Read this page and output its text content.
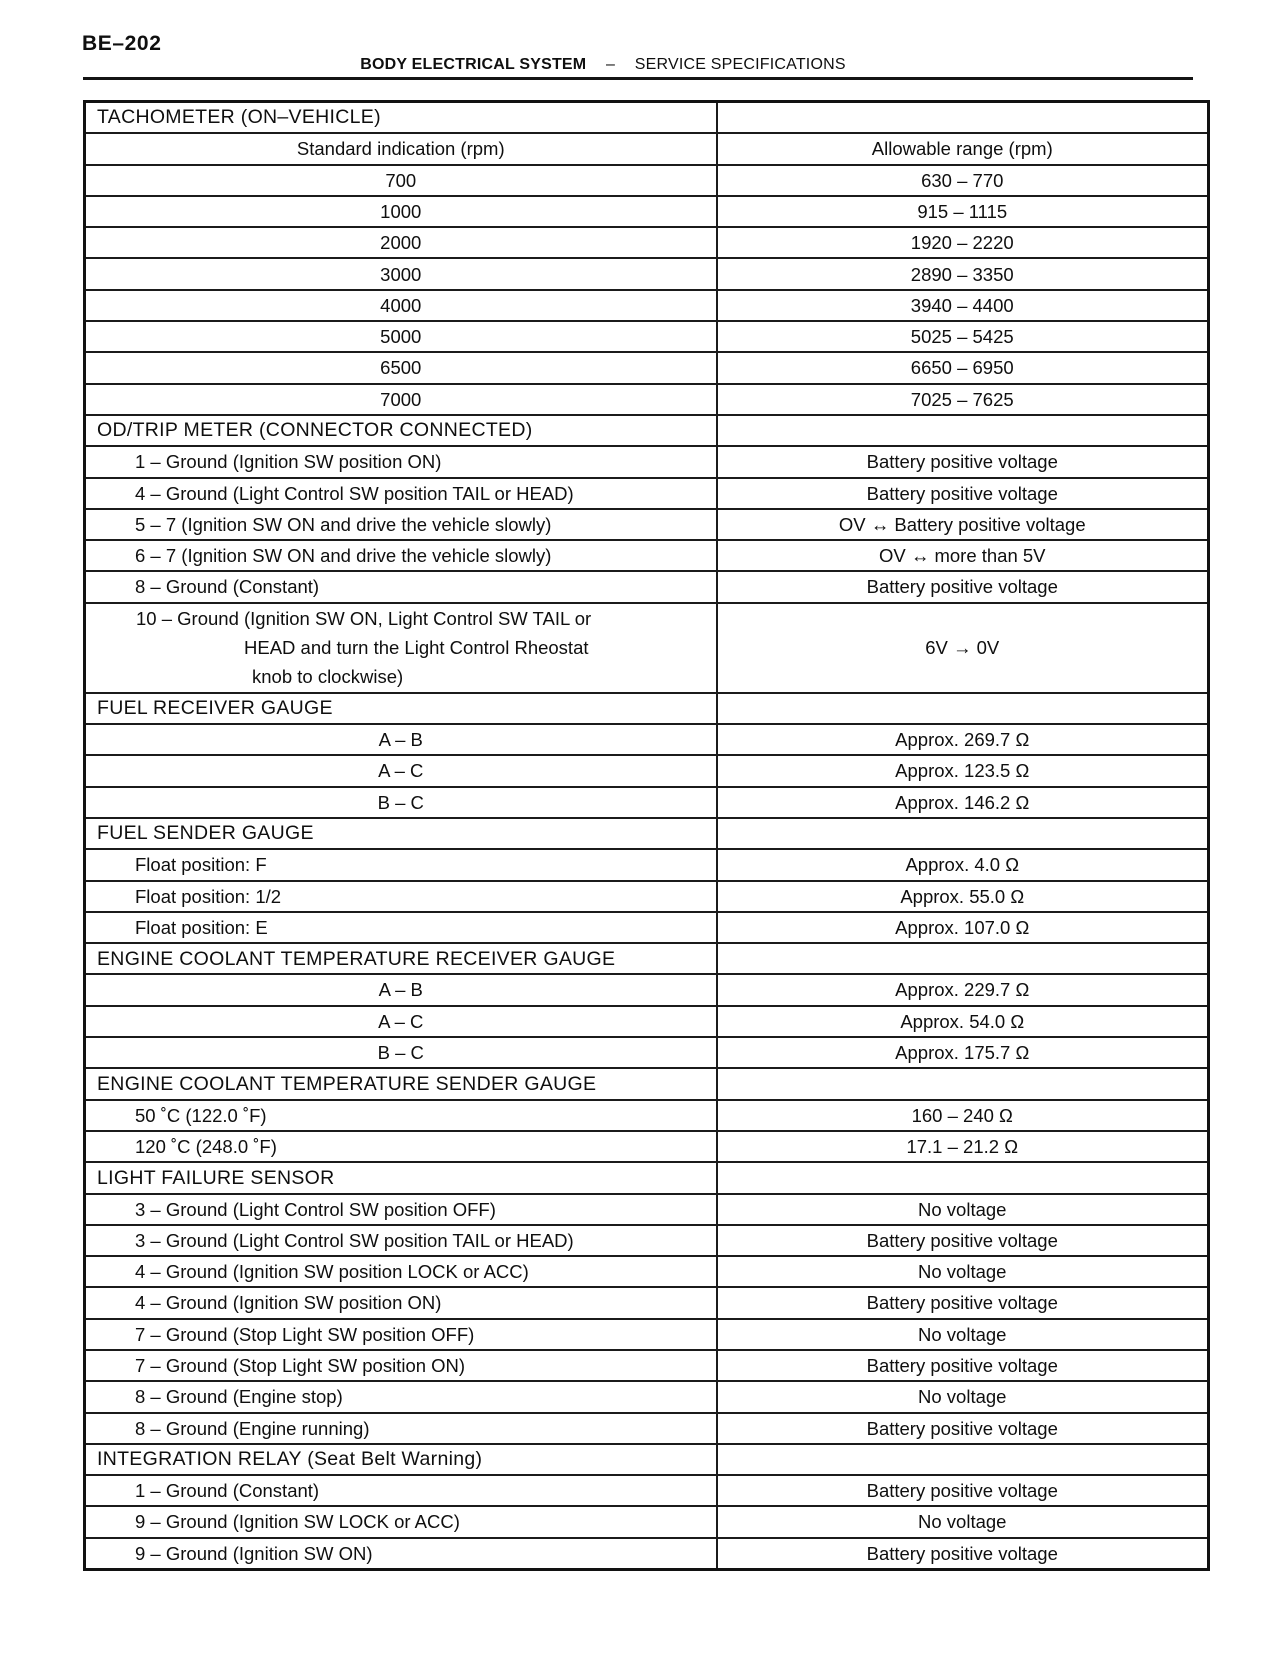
BE–202
BODY ELECTRICAL SYSTEM – SERVICE SPECIFICATIONS
TACHOMETER (ON–VEHICLE)	
Standard indication (rpm)	Allowable range (rpm)
700	630 – 770
1000	915 – 1115
2000	1920 – 2220
3000	2890 – 3350
4000	3940 – 4400
5000	5025 – 5425
6500	6650 – 6950
7000	7025 – 7625
OD/TRIP METER (CONNECTOR CONNECTED)	
1 – Ground (Ignition SW position ON)	Battery positive voltage
4 – Ground (Light Control SW position TAIL or HEAD)	Battery positive voltage
5 – 7 (Ignition SW ON and drive the vehicle slowly)	OV ↔ Battery positive voltage
6 – 7 (Ignition SW ON and drive the vehicle slowly)	OV ↔ more than 5V
8 – Ground (Constant)	Battery positive voltage

10 – Ground (Ignition SW ON, Light Control SW TAIL or
HEAD and turn the Light Control Rheostat
knob to clockwise)	6V → 0V
FUEL RECEIVER GAUGE	
A – B	Approx. 269.7 Ω
A – C	Approx. 123.5 Ω
B – C	Approx. 146.2 Ω
FUEL SENDER GAUGE	
Float position: F	Approx. 4.0 Ω
Float position: 1/2	Approx. 55.0 Ω
Float position: E	Approx. 107.0 Ω
ENGINE COOLANT TEMPERATURE RECEIVER GAUGE	
A – B	Approx. 229.7 Ω
A – C	Approx. 54.0 Ω
B – C	Approx. 175.7 Ω
ENGINE COOLANT TEMPERATURE SENDER GAUGE	
50 ˚C (122.0 ˚F)	160 – 240 Ω
120 ˚C (248.0 ˚F)	17.1 – 21.2 Ω
LIGHT FAILURE SENSOR	
3 – Ground (Light Control SW position OFF)	No voltage
3 – Ground (Light Control SW position TAIL or HEAD)	Battery positive voltage
4 – Ground (Ignition SW position LOCK or ACC)	No voltage
4 – Ground (Ignition SW position ON)	Battery positive voltage
7 – Ground (Stop Light SW position OFF)	No voltage
7 – Ground (Stop Light SW position ON)	Battery positive voltage
8 – Ground (Engine stop)	No voltage
8 – Ground (Engine running)	Battery positive voltage
INTEGRATION RELAY (Seat Belt Warning)	
1 – Ground (Constant)	Battery positive voltage
9 – Ground (Ignition SW LOCK or ACC)	No voltage
9 – Ground (Ignition SW ON)	Battery positive voltage
